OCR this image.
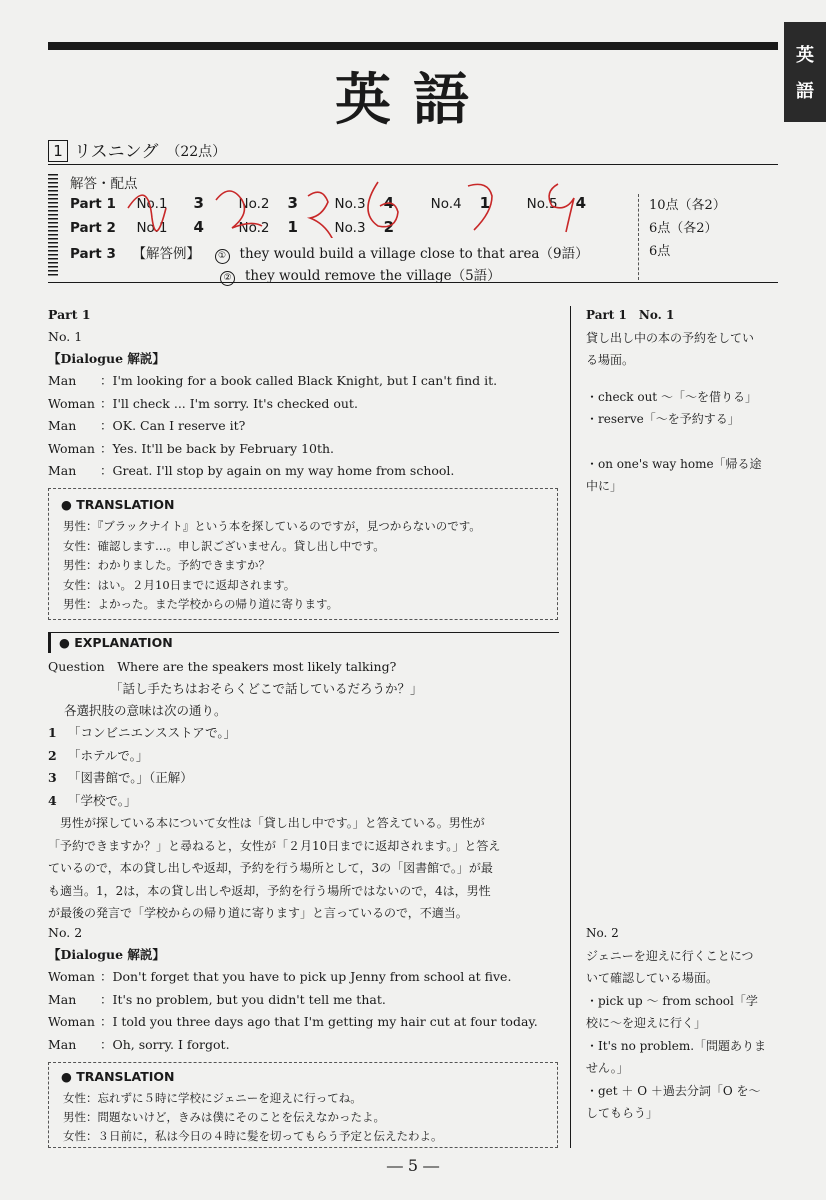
英
語
英語
1 リスニング （22点）
解答・配点
Part 1 No.1 3	No.2 3	No.3 4	No.4 1	No.5 4
Part 2 No.1 4	No.2 1	No.3 2
Part 3 【解答例】 ① they would build a village close to that area（9語）
② they would remove the village（5語）
10点（各2）
6点（各2）
6点
Part 1
No. 1
【Dialogue 解説】
Man ：I'm looking for a book called Black Knight, but I can't find it.
Woman ：I'll check ... I'm sorry. It's checked out.
Man ：OK. Can I reserve it?
Woman ：Yes. It'll be back by February 10th.
Man ：Great. I'll stop by again on my way home from school.
● TRANSLATION
男性：『ブラックナイト』という本を探しているのですが，見つからないのです。
女性：確認します…。申し訳ございません。貸し出し中です。
男性：わかりました。予約できますか？
女性：はい。２月10日までに返却されます。
男性：よかった。また学校からの帰り道に寄ります。
● EXPLANATION
Question　Where are the speakers most likely talking?
「話し手たちはおそらくどこで話しているだろうか？」
各選択肢の意味は次の通り。
1 「コンビニエンスストアで。」
2 「ホテルで。」
3 「図書館で。」（正解）
4 「学校で。」
　男性が探している本について女性は「貸し出し中です。」と答えている。男性が
「予約できますか？」と尋ねると，女性が「２月10日までに返却されます。」と答え
ているので，本の貸し出しや返却，予約を行う場所として，3の「図書館で。」が最
も適当。1，2は，本の貸し出しや返却，予約を行う場所ではないので，4は，男性
が最後の発言で「学校からの帰り道に寄ります」と言っているので，不適当。
No. 2
【Dialogue 解説】
Woman ：Don't forget that you have to pick up Jenny from school at five.
Man ：It's no problem, but you didn't tell me that.
Woman ：I told you three days ago that I'm getting my hair cut at four today.
Man ：Oh, sorry. I forgot.
● TRANSLATION
女性：忘れずに５時に学校にジェニーを迎えに行ってね。
男性：問題ないけど，きみは僕にそのことを伝えなかったよ。
女性：３日前に，私は今日の４時に髪を切ってもらう予定と伝えたわよ。
Part 1　No. 1
貸し出し中の本の予約をしてい
る場面。
・check out ～「～を借りる」
・reserve「～を予約する」
・on one's way home「帰る途
中に」
No. 2
ジェニーを迎えに行くことにつ
いて確認している場面。
・pick up ～ from school「学
校に～を迎えに行く」
・It's no problem.「問題ありま
せん。」
・get ＋ O ＋過去分詞「O を～
してもらう」
― 5 ―
